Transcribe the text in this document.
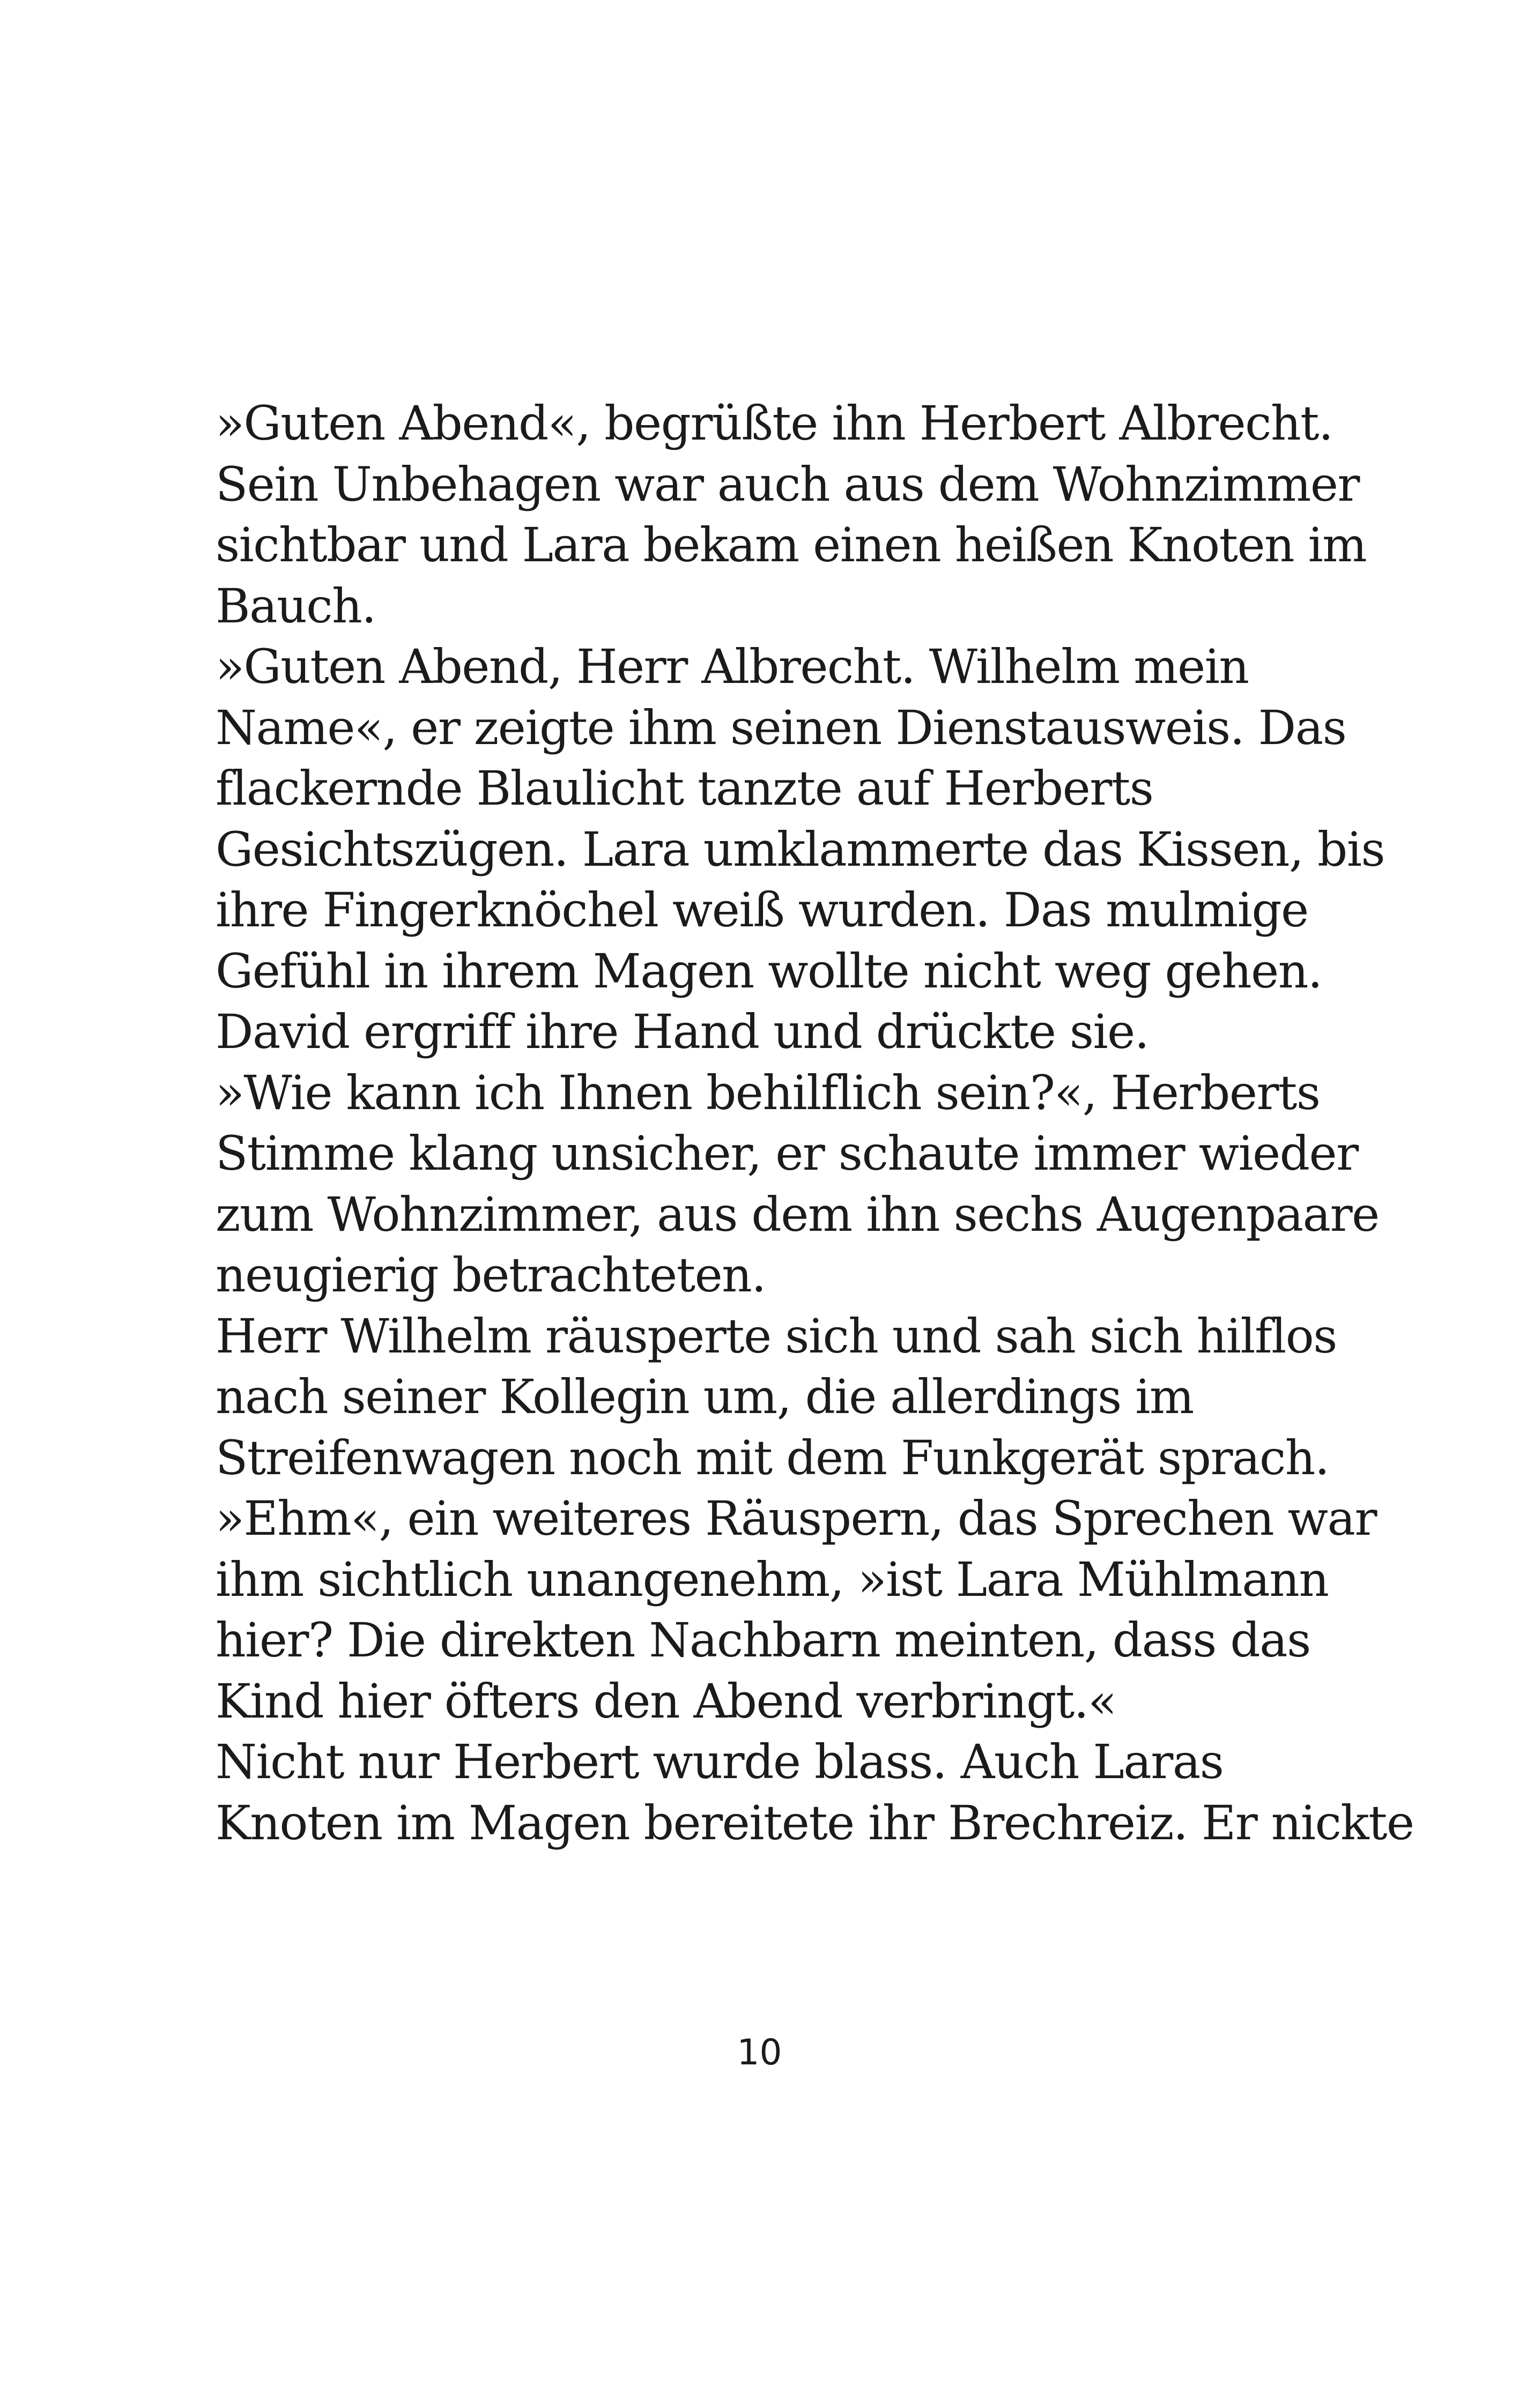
»Guten Abend«, begrüßte ihn Herbert Albrecht.
Sein Unbehagen war auch aus dem Wohnzimmer
sichtbar und Lara bekam einen heißen Knoten im
Bauch.
»Guten Abend, Herr Albrecht. Wilhelm mein
Name«, er zeigte ihm seinen Dienstausweis. Das
flackernde Blaulicht tanzte auf Herberts
Gesichtszügen. Lara umklammerte das Kissen, bis
ihre Fingerknöchel weiß wurden. Das mulmige
Gefühl in ihrem Magen wollte nicht weg gehen.
David ergriff ihre Hand und drückte sie.
»Wie kann ich Ihnen behilflich sein?«, Herberts
Stimme klang unsicher, er schaute immer wieder
zum Wohnzimmer, aus dem ihn sechs Augenpaare
neugierig betrachteten.
Herr Wilhelm räusperte sich und sah sich hilflos
nach seiner Kollegin um, die allerdings im
Streifenwagen noch mit dem Funkgerät sprach.
»Ehm«, ein weiteres Räuspern, das Sprechen war
ihm sichtlich unangenehm, »ist Lara Mühlmann
hier? Die direkten Nachbarn meinten, dass das
Kind hier öfters den Abend verbringt.«
Nicht nur Herbert wurde blass. Auch Laras
Knoten im Magen bereitete ihr Brechreiz. Er nickte
10
